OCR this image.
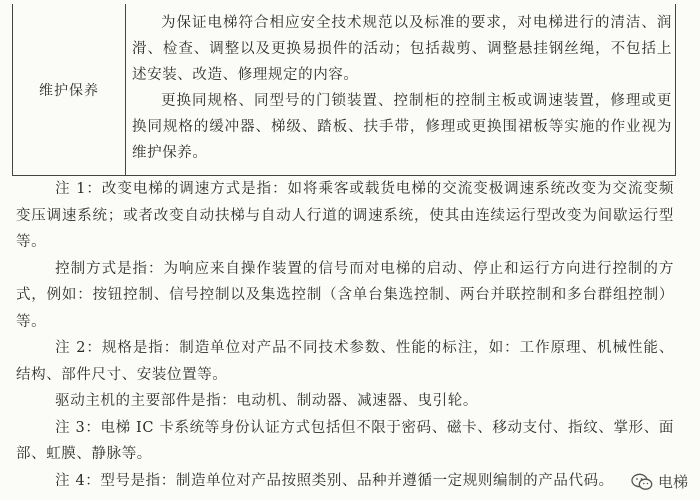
维护保养

为保证电梯符合相应安全技术规范以及标准的要求，对电梯进行的清洁、润滑、检查、调整以及更换易损件的活动；包括裁剪、调整悬挂钢丝绳，不包括上述安装、改造、修理规定的内容。

更换同规格、同型号的门锁装置、控制柜的控制主板或调速装置，修理或更换同规格的缓冲器、梯级、踏板、扶手带，修理或更换围裙板等实施的作业视为维护保养。

注 1：改变电梯的调速方式是指：如将乘客或载货电梯的交流变极调速系统改变为交流变频变压调速系统；或者改变自动扶梯与自动人行道的调速系统，使其由连续运行型改变为间歇运行型等。

控制方式是指：为响应来自操作装置的信号而对电梯的启动、停止和运行方向进行控制的方式，例如：按钮控制、信号控制以及集选控制（含单台集选控制、两台并联控制和多台群组控制）等。

注 2：规格是指：制造单位对产品不同技术参数、性能的标注，如：工作原理、机械性能、结构、部件尺寸、安装位置等。

驱动主机的主要部件是指：电动机、制动器、减速器、曳引轮。

注 3：电梯 IC 卡系统等身份认证方式包括但不限于密码、磁卡、移动支付、指纹、掌形、面部、虹膜、静脉等。

注 4：型号是指：制造单位对产品按照类别、品种并遵循一定规则编制的产品代码。	电梯
